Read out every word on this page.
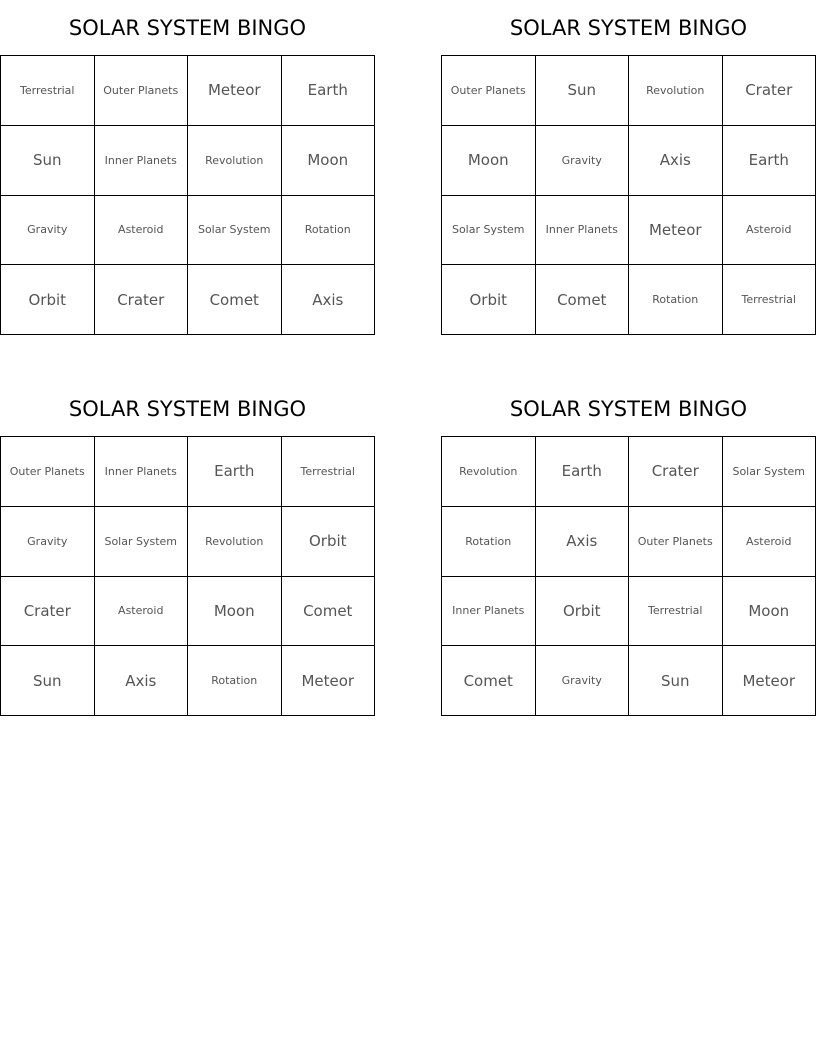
SOLAR SYSTEM BINGO
Terrestrial	Outer Planets	Meteor	Earth
Sun	Inner Planets	Revolution	Moon
Gravity	Asteroid	Solar System	Rotation
Orbit	Crater	Comet	Axis
SOLAR SYSTEM BINGO
Outer Planets	Sun	Revolution	Crater
Moon	Gravity	Axis	Earth
Solar System	Inner Planets	Meteor	Asteroid
Orbit	Comet	Rotation	Terrestrial
SOLAR SYSTEM BINGO
Outer Planets	Inner Planets	Earth	Terrestrial
Gravity	Solar System	Revolution	Orbit
Crater	Asteroid	Moon	Comet
Sun	Axis	Rotation	Meteor
SOLAR SYSTEM BINGO
Revolution	Earth	Crater	Solar System
Rotation	Axis	Outer Planets	Asteroid
Inner Planets	Orbit	Terrestrial	Moon
Comet	Gravity	Sun	Meteor
